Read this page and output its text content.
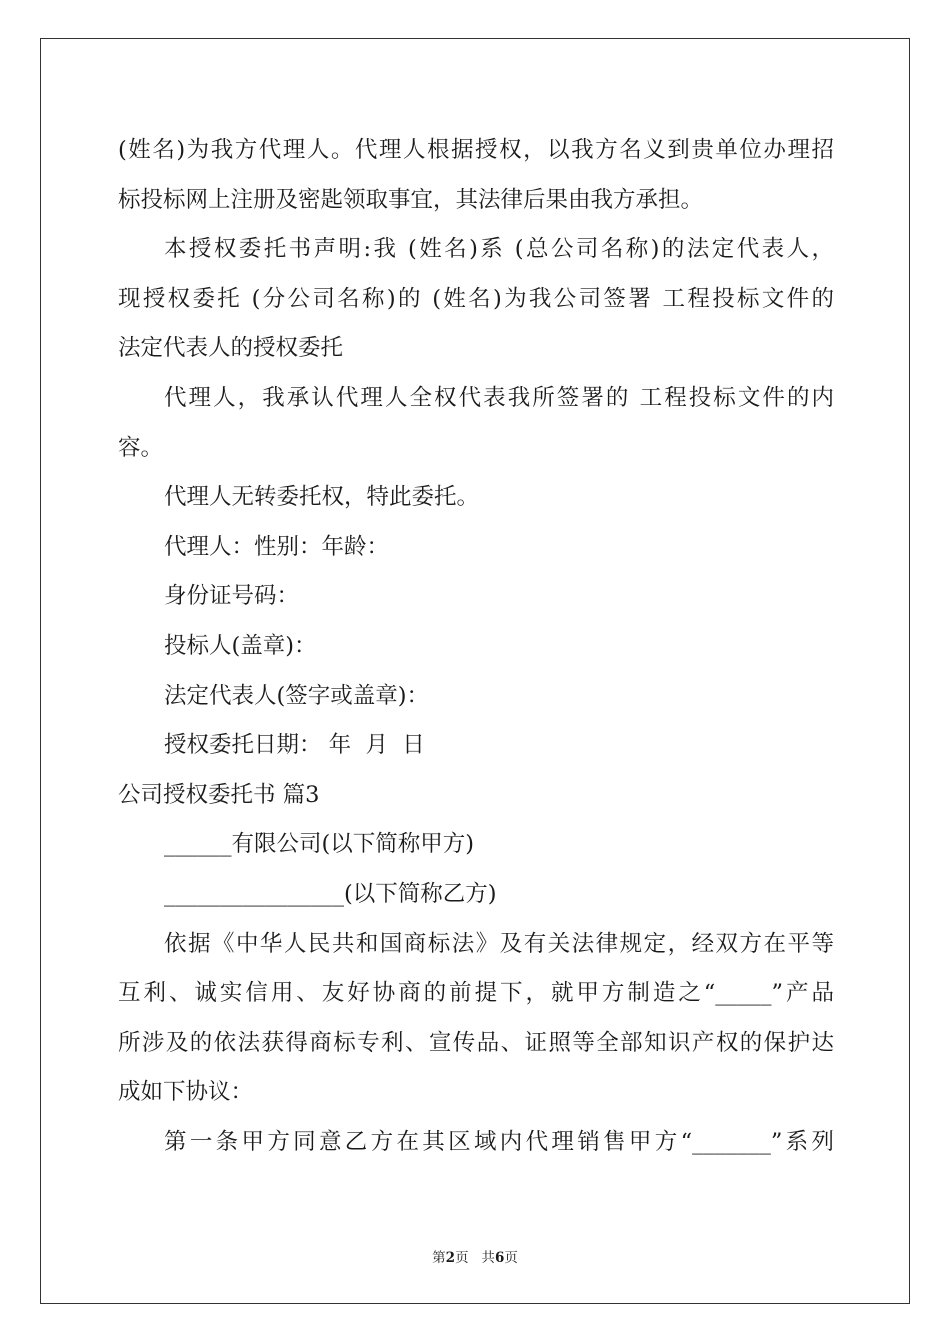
(姓名)为我方代理人。代理人根据授权，以我方名义到贵单位办理招
标投标网上注册及密匙领取事宜，其法律后果由我方承担。
本授权委托书声明:我 (姓名)系 (总公司名称)的法定代表人，
现授权委托 (分公司名称)的 (姓名)为我公司签署 工程投标文件的
法定代表人的授权委托
代理人，我承认代理人全权代表我所签署的 工程投标文件的内
容。
代理人无转委托权，特此委托。
代理人：性别：年龄：
身份证号码：
投标人(盖章)：
法定代表人(签字或盖章)：
授权委托日期： 年  月  日
公司授权委托书 篇3
______有限公司(以下简称甲方)
________________(以下简称乙方)
依据《中华人民共和国商标法》及有关法律规定，经双方在平等
互利、诚实信用、友好协商的前提下，就甲方制造之“_____”产品
所涉及的依法获得商标专利、宣传品、证照等全部知识产权的保护达
成如下协议：
第一条甲方同意乙方在其区域内代理销售甲方“_______”系列
第2页   共6页
